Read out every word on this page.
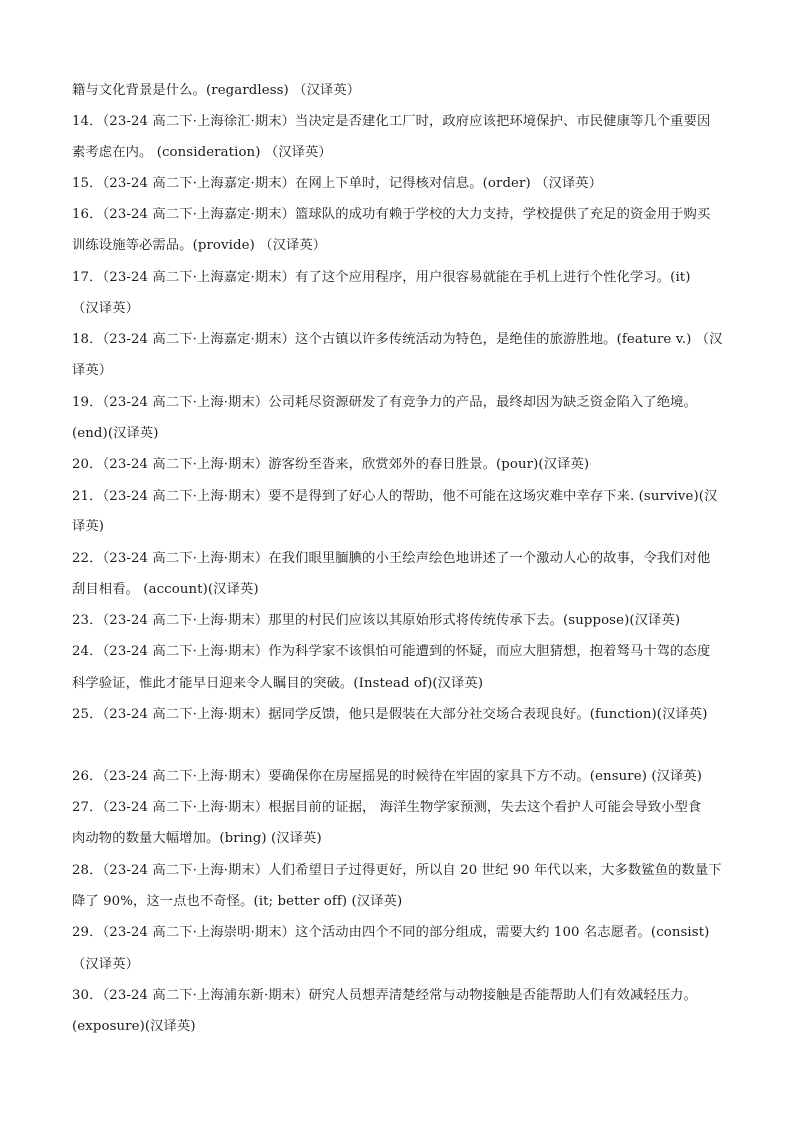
籍与文化背景是什么。(regardless) （汉译英）
14．（23-24 高二下·上海徐汇·期末）当决定是否建化工厂时，政府应该把环境保护、市民健康等几个重要因
素考虑在内。 (consideration) （汉译英）
15．（23-24 高二下·上海嘉定·期末）在网上下单时，记得核对信息。(order) （汉译英）
16．（23-24 高二下·上海嘉定·期末）篮球队的成功有赖于学校的大力支持，学校提供了充足的资金用于购买
训练设施等必需品。(provide) （汉译英）
17．（23-24 高二下·上海嘉定·期末）有了这个应用程序，用户很容易就能在手机上进行个性化学习。(it)
（汉译英）
18．（23-24 高二下·上海嘉定·期末）这个古镇以许多传统活动为特色，是绝佳的旅游胜地。(feature v.) （汉
译英）
19．（23-24 高二下·上海·期末）公司耗尽资源研发了有竞争力的产品，最终却因为缺乏资金陷入了绝境。
(end)(汉译英)
20．（23-24 高二下·上海·期末）游客纷至沓来，欣赏郊外的春日胜景。(pour)(汉译英)
21．（23-24 高二下·上海·期末）要不是得到了好心人的帮助，他不可能在这场灾难中幸存下来. (survive)(汉
译英)
22．（23-24 高二下·上海·期末）在我们眼里腼腆的小王绘声绘色地讲述了一个激动人心的故事，令我们对他
刮目相看。 (account)(汉译英)
23．（23-24 高二下·上海·期末）那里的村民们应该以其原始形式将传统传承下去。(suppose)(汉译英)
24．（23-24 高二下·上海·期末）作为科学家不该惧怕可能遭到的怀疑，而应大胆猜想，抱着驽马十驾的态度
科学验证，惟此才能早日迎来令人瞩目的突破。(Instead of)(汉译英)
25．（23-24 高二下·上海·期末）据同学反馈，他只是假装在大部分社交场合表现良好。(function)(汉译英)
26．（23-24 高二下·上海·期末）要确保你在房屋摇晃的时候待在牢固的家具下方不动。(ensure) (汉译英)
27．（23-24 高二下·上海·期末）根据目前的证据， 海洋生物学家预测，失去这个看护人可能会导致小型食
肉动物的数量大幅增加。(bring) (汉译英)
28．（23-24 高二下·上海·期末）人们希望日子过得更好，所以自 20 世纪 90 年代以来，大多数鲨鱼的数量下
降了 90%，这一点也不奇怪。(it; better off) (汉译英)
29．（23-24 高二下·上海崇明·期末）这个活动由四个不同的部分组成，需要大约 100 名志愿者。(consist)
（汉译英）
30．（23-24 高二下·上海浦东新·期末）研究人员想弄清楚经常与动物接触是否能帮助人们有效减轻压力。
(exposure)(汉译英)
